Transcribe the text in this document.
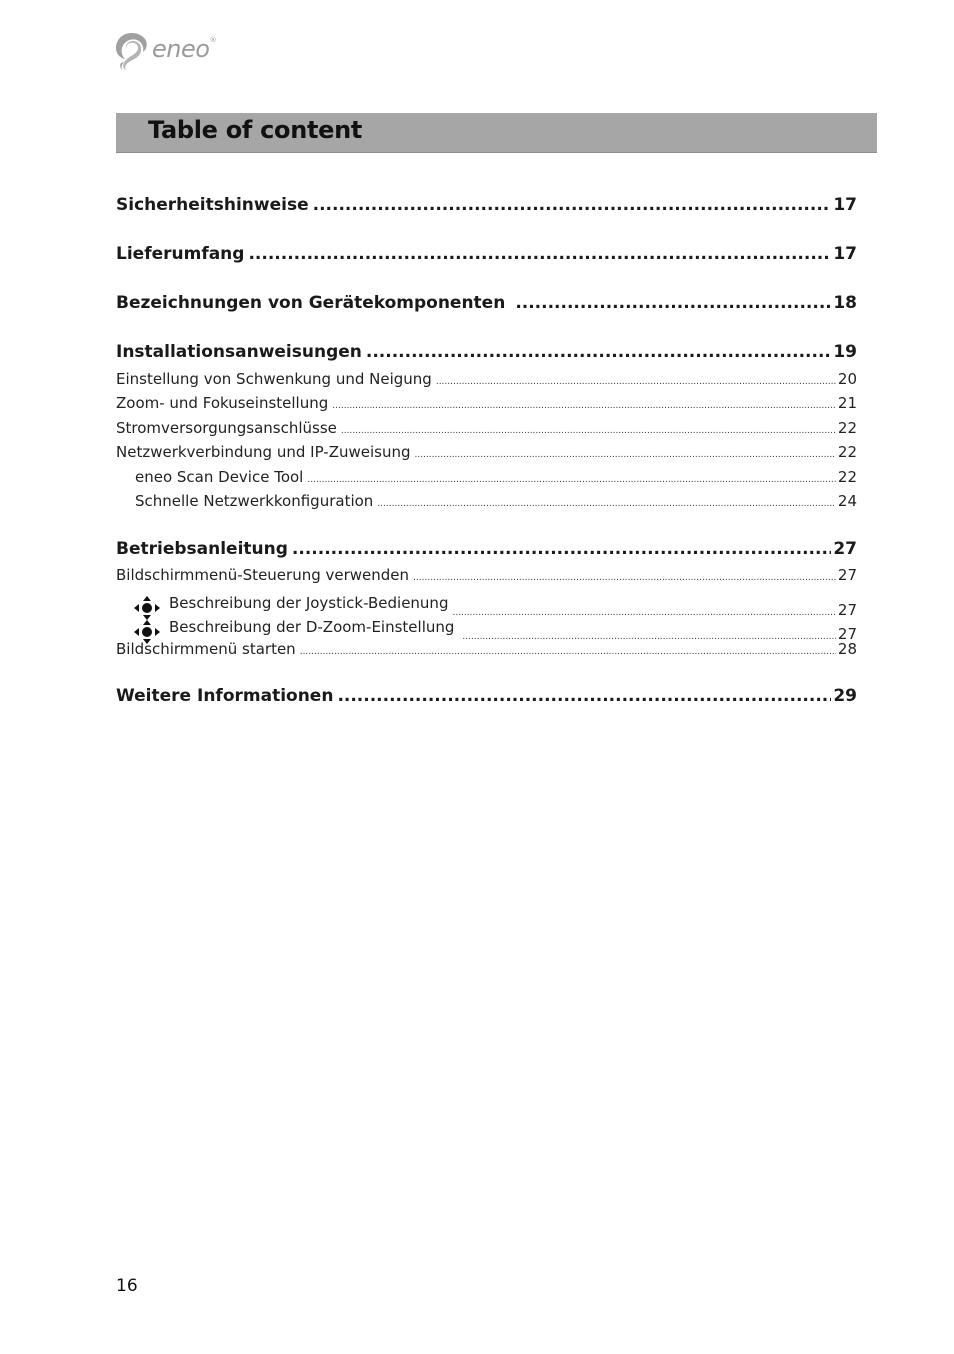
eneo®
Table of content
Sicherheitshinweise .....	17
Lieferumfang .....	17
Bezeichnungen von Gerätekomponenten .....	18
Installationsanweisungen .....	19
Einstellung von Schwenkung und Neigung .....	20
Zoom- und Fokuseinstellung .....	21
Stromversorgungsanschlüsse .....	22
Netzwerkverbindung und IP-Zuweisung .....	22
eneo Scan Device Tool .....	22
Schnelle Netzwerkkonfiguration .....	24
Betriebsanleitung .....	27
Bildschirmmenü-Steuerung verwenden .....	27
Beschreibung der Joystick-Bedienung .....	27
Beschreibung der D-Zoom-Einstellung .....	27
Bildschirmmenü starten .....	28
Weitere Informationen .....	29
16
